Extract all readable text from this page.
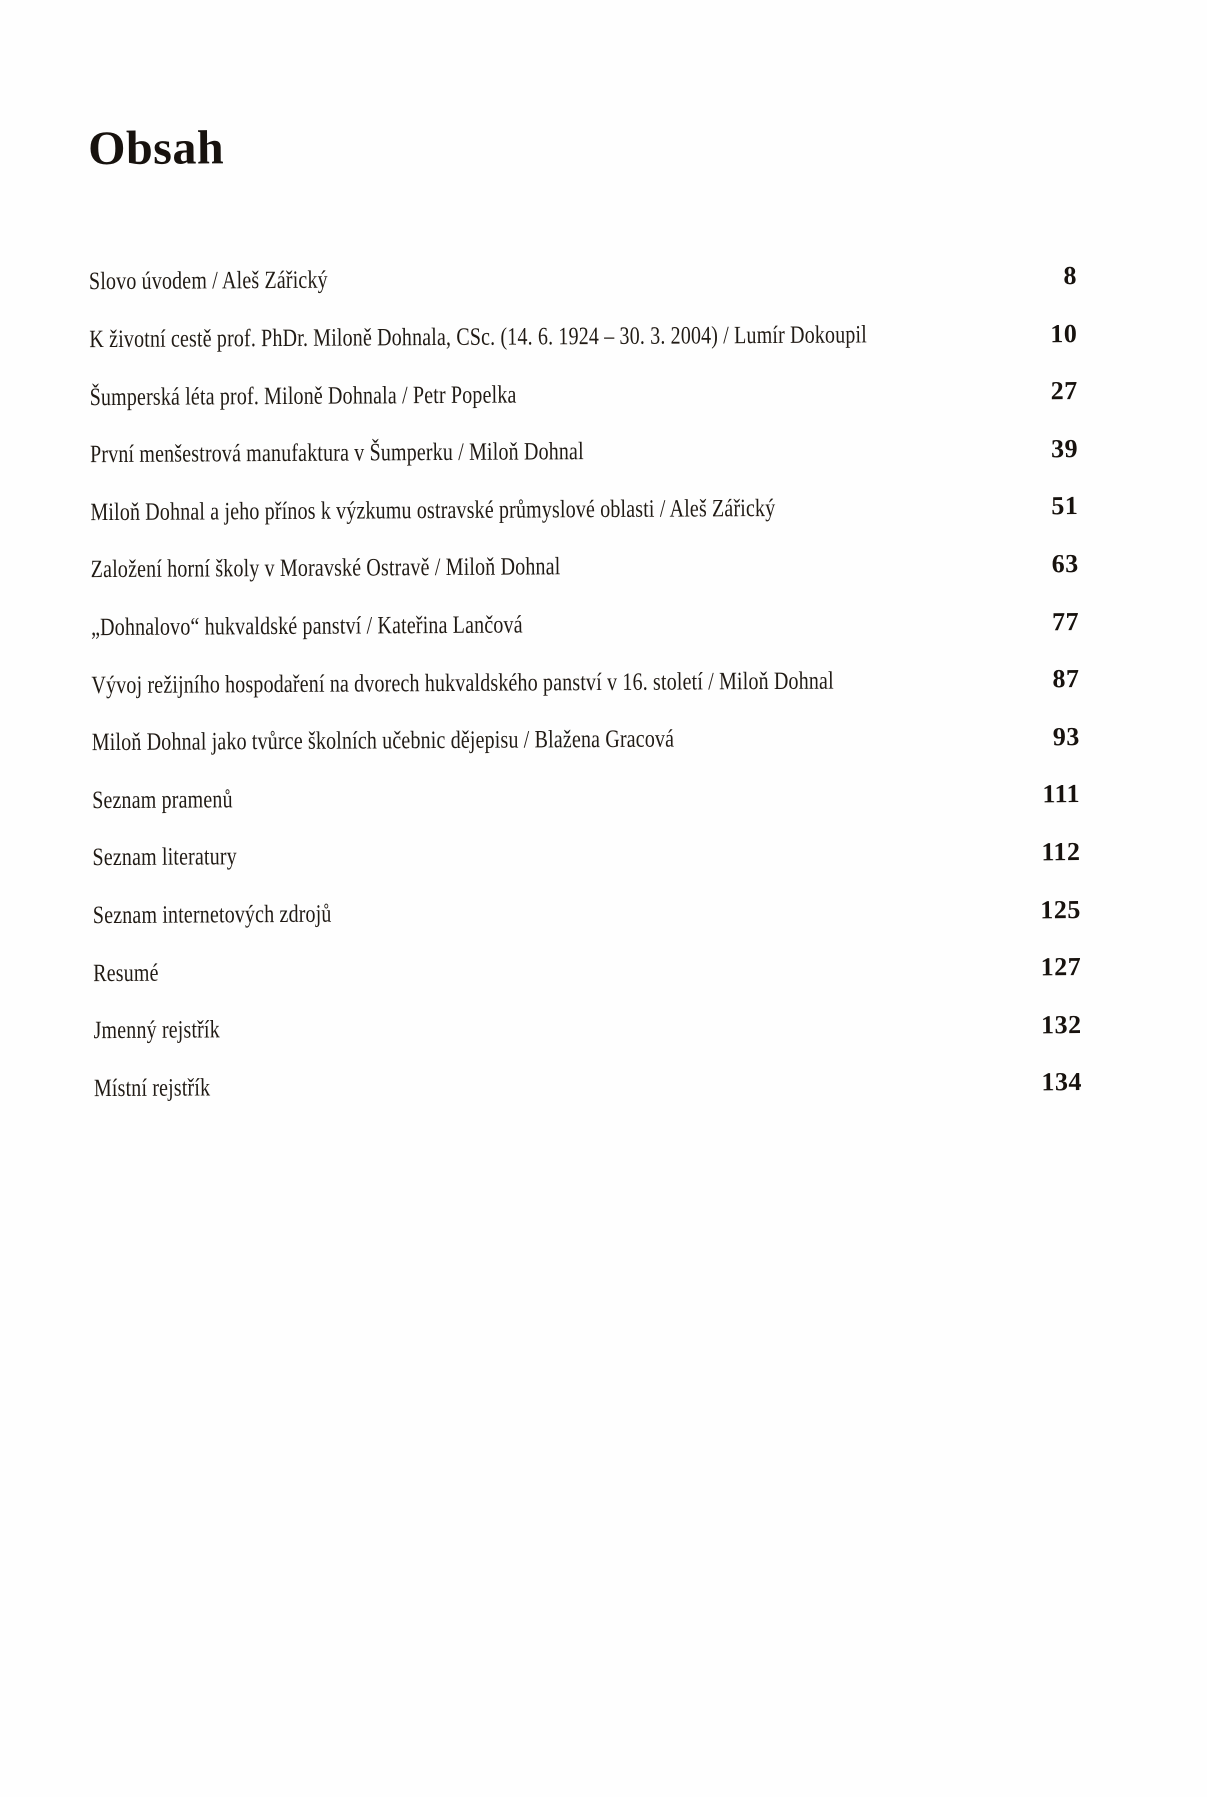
Obsah
Slovo úvodem / Aleš Zářický	8
K životní cestě prof. PhDr. Miloně Dohnala, CSc. (14. 6. 1924 – 30. 3. 2004) / Lumír Dokoupil	10
Šumperská léta prof. Miloně Dohnala / Petr Popelka	27
První menšestrová manufaktura v Šumperku / Miloň Dohnal	39
Miloň Dohnal a jeho přínos k výzkumu ostravské průmyslové oblasti / Aleš Zářický	51
Založení horní školy v Moravské Ostravě / Miloň Dohnal	63
„Dohnalovo“ hukvaldské panství / Kateřina Lančová	77
Vývoj režijního hospodaření na dvorech hukvaldského panství v 16. století / Miloň Dohnal	87
Miloň Dohnal jako tvůrce školních učebnic dějepisu / Blažena Gracová	93
Seznam pramenů	111
Seznam literatury	112
Seznam internetových zdrojů	125
Resumé	127
Jmenný rejstřík	132
Místní rejstřík	134
